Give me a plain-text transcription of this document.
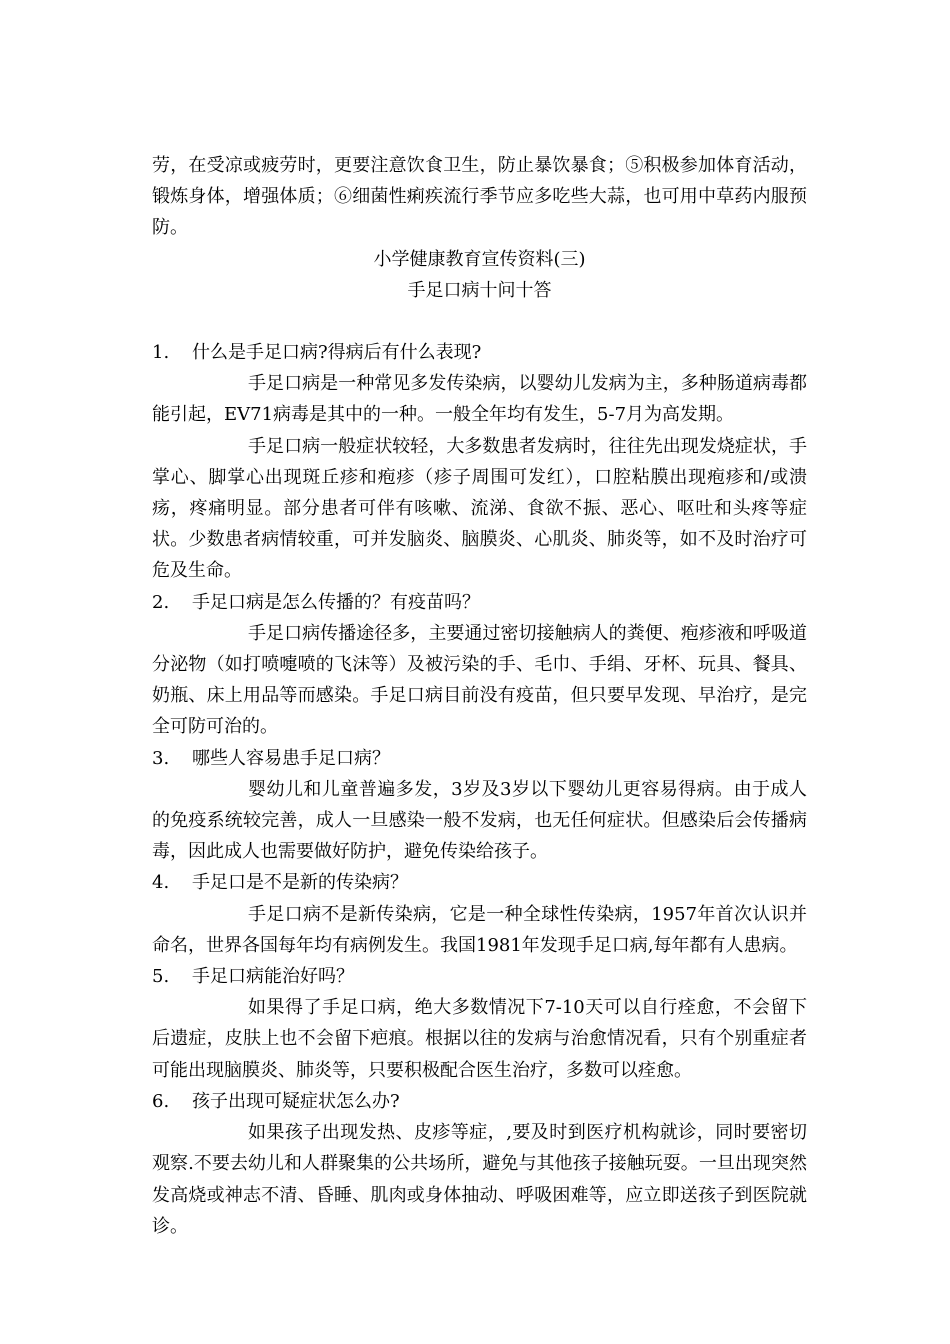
劳，在受凉或疲劳时，更要注意饮食卫生，防止暴饮暴食；⑤积极参加体育活动，锻炼身体，增强体质；⑥细菌性痢疾流行季节应多吃些大蒜，也可用中草药内服预防。

小学健康教育宣传资料(三)

手足口病十问十答

1. 什么是手足口病?得病后有什么表现?

手足口病是一种常见多发传染病，以婴幼儿发病为主，多种肠道病毒都能引起，EV71病毒是其中的一种。一般全年均有发生，5-7月为高发期。

手足口病一般症状较轻，大多数患者发病时，往往先出现发烧症状，手掌心、脚掌心出现斑丘疹和疱疹（疹子周围可发红），口腔粘膜出现疱疹和/或溃疡，疼痛明显。部分患者可伴有咳嗽、流涕、食欲不振、恶心、呕吐和头疼等症状。少数患者病情较重，可并发脑炎、脑膜炎、心肌炎、肺炎等，如不及时治疗可危及生命。

2. 手足口病是怎么传播的？有疫苗吗？

手足口病传播途径多，主要通过密切接触病人的粪便、疱疹液和呼吸道分泌物（如打喷嚏喷的飞沫等）及被污染的手、毛巾、手绢、牙杯、玩具、餐具、奶瓶、床上用品等而感染。手足口病目前没有疫苗，但只要早发现、早治疗，是完全可防可治的。

3. 哪些人容易患手足口病？

婴幼儿和儿童普遍多发，3岁及3岁以下婴幼儿更容易得病。由于成人的免疫系统较完善，成人一旦感染一般不发病，也无任何症状。但感染后会传播病毒，因此成人也需要做好防护，避免传染给孩子。

4. 手足口是不是新的传染病？

手足口病不是新传染病，它是一种全球性传染病，1957年首次认识并命名，世界各国每年均有病例发生。我国1981年发现手足口病,每年都有人患病。

5. 手足口病能治好吗？

如果得了手足口病，绝大多数情况下7-10天可以自行痊愈，不会留下后遗症，皮肤上也不会留下疤痕。根据以往的发病与治愈情况看，只有个别重症者可能出现脑膜炎、肺炎等，只要积极配合医生治疗，多数可以痊愈。

6. 孩子出现可疑症状怎么办?

如果孩子出现发热、皮疹等症，,要及时到医疗机构就诊，同时要密切观察.不要去幼儿和人群聚集的公共场所，避免与其他孩子接触玩耍。一旦出现突然发高烧或神志不清、昏睡、肌肉或身体抽动、呼吸困难等，应立即送孩子到医院就诊。
